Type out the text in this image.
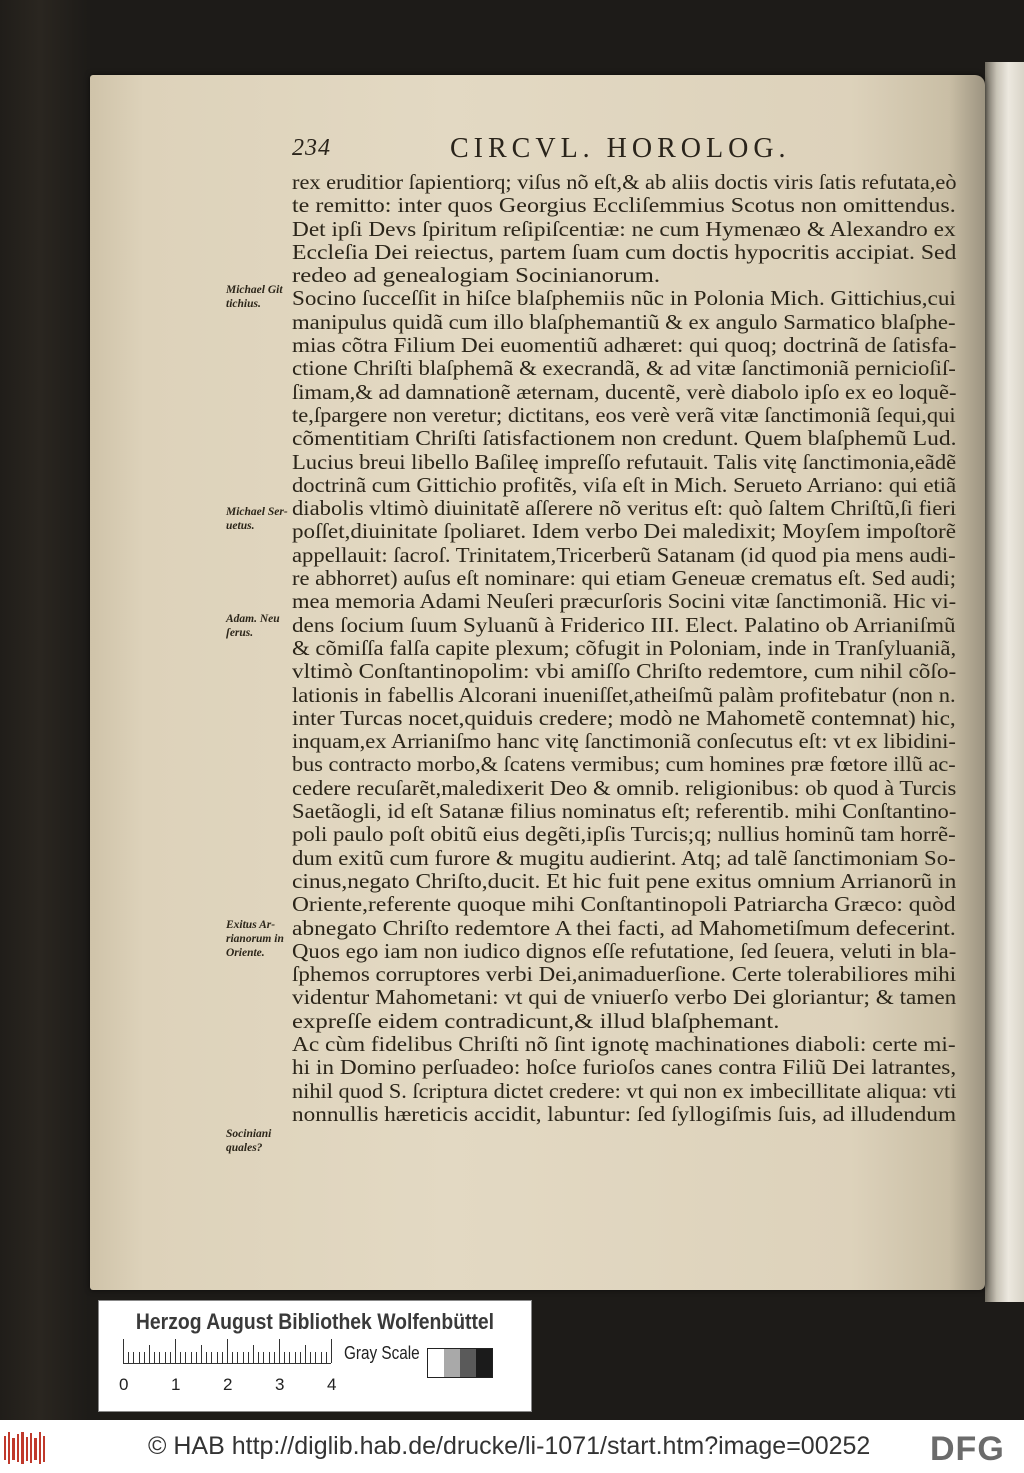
234	CIRCVL. HOROLOG.
rex eruditior ſapientiorq; viſus nõ eſt,& ab aliis doctis viris ſatis refutata,eò
te remitto: inter quos Georgius Eccliſemmius Scotus non omittendus.
Det ipſi Devs ſpiritum reſipiſcentiæ: ne cum Hymenæo & Alexandro ex
Eccleſia Dei reiectus, partem ſuam cum doctis hypocritis accipiat. Sed
redeo ad genealogiam Socinianorum.
Socino ſucceſſit in hiſce blaſphemiis nũc in Polonia Mich. Gittichius,cui
manipulus quidã cum illo blaſphemantiũ & ex angulo Sarmatico blaſphe-
mias cõtra Filium Dei euomentiũ adhæret: qui quoq; doctrinã de ſatisfa-
ctione Chriſti blaſphemã & execrandã, & ad vitæ ſanctimoniã pernicioſiſ-
ſimam,& ad damnationẽ æternam, ducentẽ, verè diabolo ipſo ex eo loquẽ-
te,ſpargere non veretur; dictitans, eos verè verã vitæ ſanctimoniã ſequi,qui
cõmentitiam Chriſti ſatisfactionem non credunt. Quem blaſphemũ Lud.
Lucius breui libello Baſileę impreſſo refutauit. Talis vitę ſanctimonia,eãdẽ
doctrinã cum Gittichio profitẽs, viſa eſt in Mich. Serueto Arriano: qui etiã
diabolis vltimò diuinitatẽ aſſerere nõ veritus eſt: quò ſaltem Chriſtũ,ſi fieri
poſſet,diuinitate ſpoliaret. Idem verbo Dei maledixit; Moyſem impoſtorẽ
appellauit: ſacroſ. Trinitatem,Tricerberũ Satanam (id quod pia mens audi-
re abhorret) auſus eſt nominare: qui etiam Geneuæ crematus eſt. Sed audi;
mea memoria Adami Neuſeri præcurſoris Socini vitæ ſanctimoniã. Hic vi-
dens ſocium ſuum Syluanũ à Friderico III. Elect. Palatino ob Arrianiſmũ
& cõmiſſa falſa capite plexum; cõfugit in Poloniam, inde in Tranſyluaniã,
vltimò Conſtantinopolim: vbi amiſſo Chriſto redemtore, cum nihil cõſo-
lationis in fabellis Alcorani inueniſſet,atheiſmũ palàm profitebatur (non n.
inter Turcas nocet,quiduis credere; modò ne Mahometẽ contemnat) hic,
inquam,ex Arrianiſmo hanc vitę ſanctimoniã conſecutus eſt: vt ex libidini-
bus contracto morbo,& ſcatens vermibus; cum homines præ fœtore illũ ac-
cedere recuſarẽt,maledixerit Deo & omnib. religionibus: ob quod à Turcis
Saetãogli, id eſt Satanæ filius nominatus eſt; referentib. mihi Conſtantino-
poli paulo poſt obitũ eius degẽti,ipſis Turcis;q; nullius hominũ tam horrẽ-
dum exitũ cum furore & mugitu audierint. Atq; ad talẽ ſanctimoniam So-
cinus,negato Chriſto,ducit. Et hic fuit pene exitus omnium Arrianorũ in
Oriente,referente quoque mihi Conſtantinopoli Patriarcha Græco: quòd
abnegato Chriſto redemtore A thei facti, ad Mahometiſmum defecerint.
Quos ego iam non iudico dignos eſſe refutatione, ſed ſeuera, veluti in bla-
ſphemos corruptores verbi Dei,animaduerſione. Certe tolerabiliores mihi
videntur Mahometani: vt qui de vniuerſo verbo Dei gloriantur; & tamen
expreſſe eidem contradicunt,& illud blaſphemant.
Ac cùm fidelibus Chriſti nõ ſint ignotę machinationes diaboli: certe mi-
hi in Domino perſuadeo: hoſce furioſos canes contra Filiũ Dei latrantes,
nihil quod S. ſcriptura dictet credere: vt qui non ex imbecillitate aliqua: vti
nonnullis hæreticis accidit, labuntur: ſed ſyllogiſmis ſuis, ad illudendum
Michael Git
tichius.
Michael Ser-
uetus.
Adam. Neu
ſerus.
Exitus Ar-
rianorum in
Oriente.
Sociniani
quales?
Herzog August Bibliothek Wolfenbüttel
0	1	2	3	4
Gray Scale
© HAB http://diglib.hab.de/drucke/li-1071/start.htm?image=00252 DFG
